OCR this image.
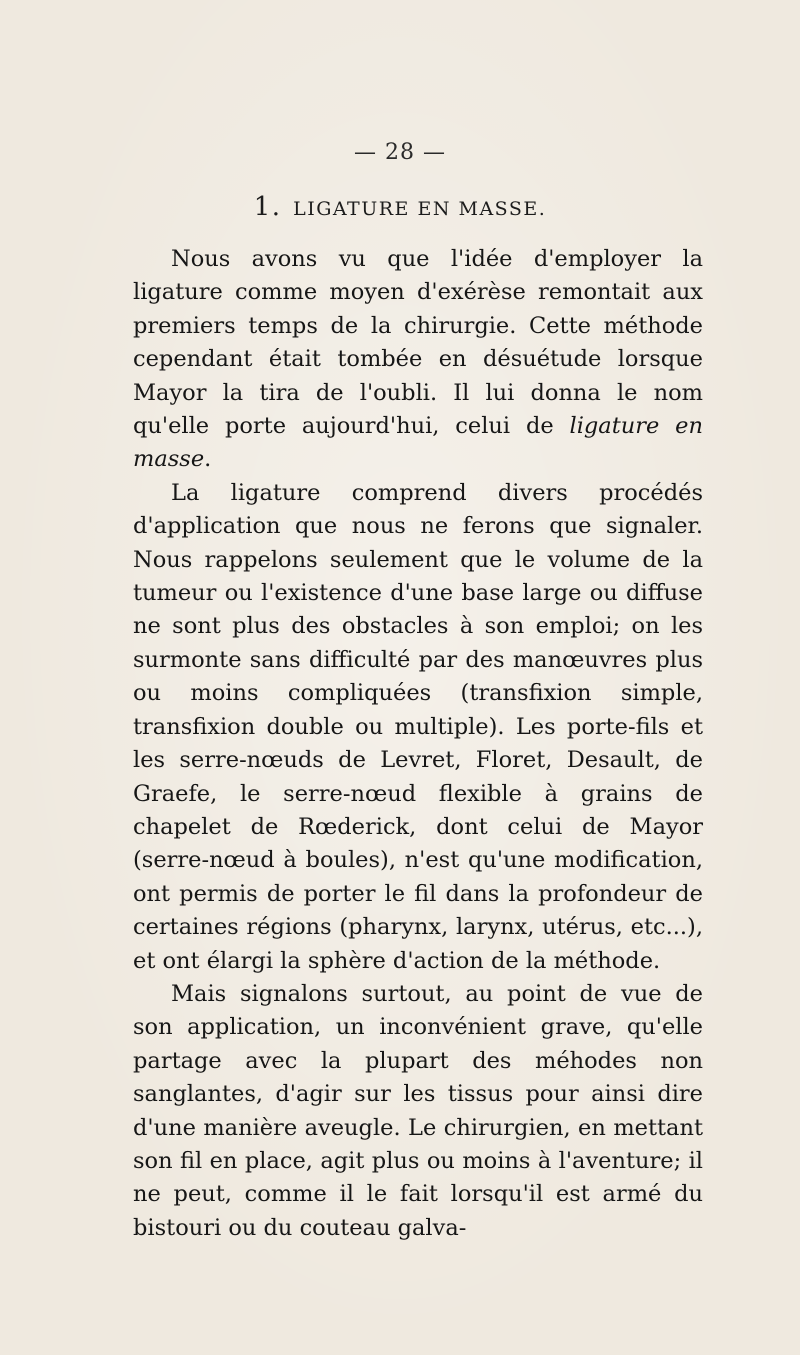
— 28 —
1. LIGATURE EN MASSE.

Nous avons vu que l'idée d'employer la ligature comme moyen d'exérèse remontait aux premiers temps de la chirurgie. Cette méthode cependant était tombée en désuétude lorsque Mayor la tira de l'oubli. Il lui donna le nom qu'elle porte aujourd'hui, celui de ligature en masse.

La ligature comprend divers procédés d'application que nous ne ferons que signaler. Nous rappelons seulement que le volume de la tumeur ou l'existence d'une base large ou diffuse ne sont plus des obstacles à son emploi; on les surmonte sans difficulté par des manœuvres plus ou moins compliquées (transfixion simple, transfixion double ou multiple). Les porte-fils et les serre-nœuds de Levret, Floret, Desault, de Graefe, le serre-nœud flexible à grains de chapelet de Rœderick, dont celui de Mayor (serre-nœud à boules), n'est qu'une modification, ont permis de porter le fil dans la profondeur de certaines régions (pharynx, larynx, utérus, etc...), et ont élargi la sphère d'action de la méthode.

Mais signalons surtout, au point de vue de son application, un inconvénient grave, qu'elle partage avec la plupart des méhodes non sanglantes, d'agir sur les tissus pour ainsi dire d'une manière aveugle. Le chirurgien, en mettant son fil en place, agit plus ou moins à l'aventure; il ne peut, comme il le fait lorsqu'il est armé du bistouri ou du couteau galva-
